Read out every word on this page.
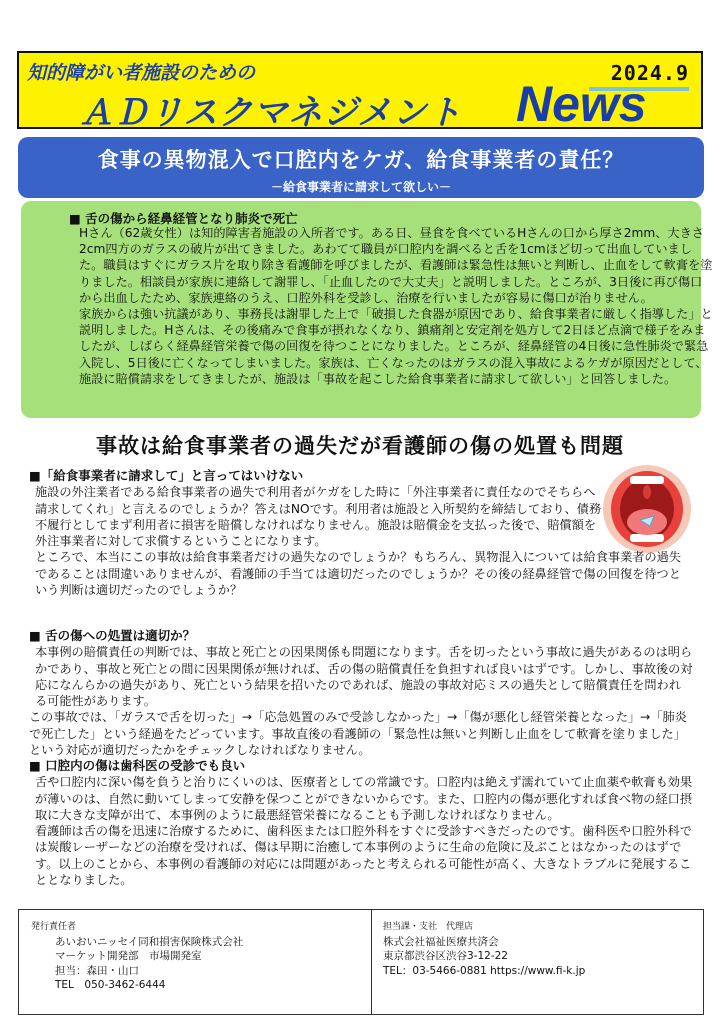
知的障がい者施設のための	2024.9
ＡＤリスクマネジメント News
食事の異物混入で口腔内をケガ、給食事業者の責任？
－給食事業者に請求して欲しい－
■ 舌の傷から経鼻経管となり肺炎で死亡

Hさん（62歳女性）は知的障害者施設の入所者です。ある日、昼食を食べているHさんの口から厚さ2mm、大きさ2cm四方のガラスの破片が出てきました。あわてて職員が口腔内を調べると舌を1cmほど切って出血していました。職員はすぐにガラス片を取り除き看護師を呼びましたが、看護師は緊急性は無いと判断し、止血をして軟膏を塗りました。相談員が家族に連絡して謝罪し、「止血したので大丈夫」と説明しました。ところが、3日後に再び傷口から出血したため、家族連絡のうえ、口腔外科を受診し、治療を行いましたが容易に傷口が治りません。

家族からは強い抗議があり、事務長は謝罪した上で「破損した食器が原因であり、給食事業者に厳しく指導した」と説明しました。Hさんは、その後痛みで食事が摂れなくなり、鎮痛剤と安定剤を処方して2日ほど点滴で様子をみましたが、しばらく経鼻経管栄養で傷の回復を待つことになりました。ところが、経鼻経管の4日後に急性肺炎で緊急入院し、5日後に亡くなってしまいました。家族は、亡くなったのはガラスの混入事故によるケガが原因だとして、施設に賠償請求をしてきましたが、施設は「事故を起こした給食事業者に請求して欲しい」と回答しました。

事故は給食事業者の過失だが看護師の傷の処置も問題

■「給食事業者に請求して」と言ってはいけない

施設の外注業者である給食事業者の過失で利用者がケガをした時に「外注事業者に責任なのでそちらへ請求してくれ」と言えるのでしょうか？答えはNOです。利用者は施設と入所契約を締結しており、債務不履行としてまず利用者に損害を賠償しなければなりません。施設は賠償金を支払った後で、賠償額を外注事業者に対して求償するということになります。

ところで、本当にこの事故は給食事業者だけの過失なのでしょうか？もちろん、異物混入については給食事業者の過失であることは間違いありませんが、看護師の手当ては適切だったのでしょうか？その後の経鼻経管で傷の回復を待つという判断は適切だったのでしょうか？

■ 舌の傷への処置は適切か？

本事例の賠償責任の判断では、事故と死亡との因果関係も問題になります。舌を切ったという事故に過失があるのは明らかであり、事故と死亡との間に因果関係が無ければ、舌の傷の賠償責任を負担すれば良いはずです。しかし、事故後の対応になんらかの過失があり、死亡という結果を招いたのであれば、施設の事故対応ミスの過失として賠償責任を問われる可能性があります。

この事故では、「ガラスで舌を切った」→「応急処置のみで受診しなかった」→「傷が悪化し経管栄養となった」→「肺炎で死亡した」という経過をたどっています。事故直後の看護師の「緊急性は無いと判断し止血をして軟膏を塗りました」という対応が適切だったかをチェックしなければなりません。

■ 口腔内の傷は歯科医の受診でも良い

舌や口腔内に深い傷を負うと治りにくいのは、医療者としての常識です。口腔内は絶えず濡れていて止血薬や軟膏も効果が薄いのは、自然に動いてしまって安静を保つことができないからです。また、口腔内の傷が悪化すれば食べ物の経口摂取に大きな支障が出て、本事例のように最悪経管栄養になることも予測しなければなりません。

看護師は舌の傷を迅速に治療するために、歯科医または口腔外科をすぐに受診すべきだったのです。歯科医や口腔外科では炭酸レーザーなどの治療を受ければ、傷は早期に治癒して本事例のように生命の危険に及ぶことはなかったのはずです。以上のことから、本事例の看護師の対応には問題があったと考えられる可能性が高く、大きなトラブルに発展することとなりました。

発行責任者
あいおいニッセイ同和損害保険株式会社
マーケット開発部　市場開発室
担当：森田・山口
TEL　050-3462-6444
担当課・支社　代理店
株式会社福祉医療共済会
東京都渋谷区渋谷3-12-22
TEL：03-5466-0881 https://www.fi-k.jp
